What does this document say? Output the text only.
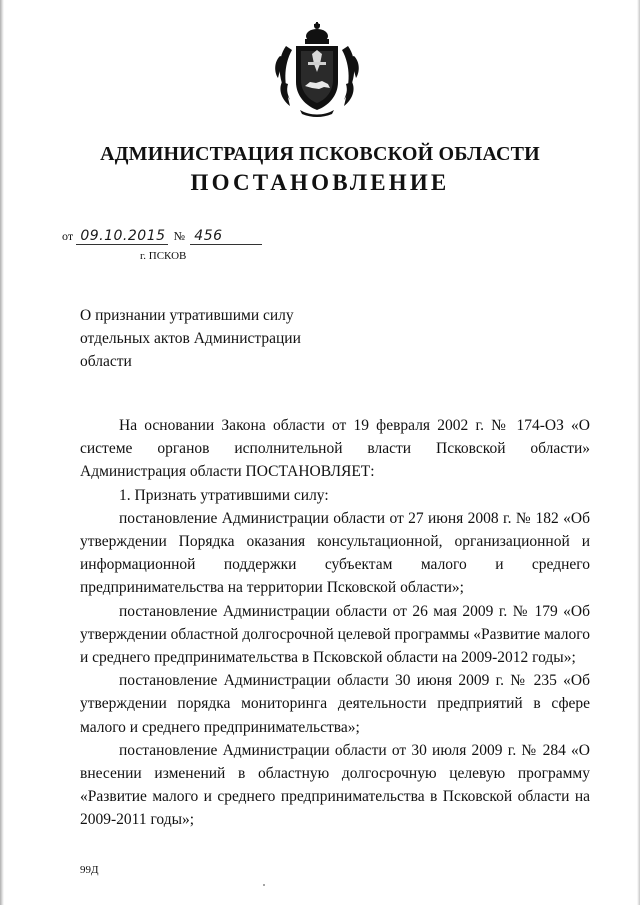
АДМИНИСТРАЦИЯ ПСКОВСКОЙ ОБЛАСТИ
ПОСТАНОВЛЕНИЕ
от 09.10.2015 № 456
г. ПСКОВ
О признании утратившими силу отдельных актов Администрации области

На основании Закона области от 19 февраля 2002 г. № 174-ОЗ «О системе органов исполнительной власти Псковской области» Администрация области ПОСТАНОВЛЯЕТ:

1. Признать утратившими силу:

постановление Администрации области от 27 июня 2008 г. № 182 «Об утверждении Порядка оказания консультационной, организационной и информационной поддержки субъектам малого и среднего предпринимательства на территории Псковской области»;

постановление Администрации области от 26 мая 2009 г. № 179 «Об утверждении областной долгосрочной целевой программы «Развитие малого и среднего предпринимательства в Псковской области на 2009-2012 годы»;

постановление Администрации области 30 июня 2009 г. № 235 «Об утверждении порядка мониторинга деятельности предприятий в сфере малого и среднего предпринимательства»;

постановление Администрации области от 30 июля 2009 г. № 284 «О внесении изменений в областную долгосрочную целевую программу «Развитие малого и среднего предпринимательства в Псковской области на 2009-2011 годы»;

99Д
